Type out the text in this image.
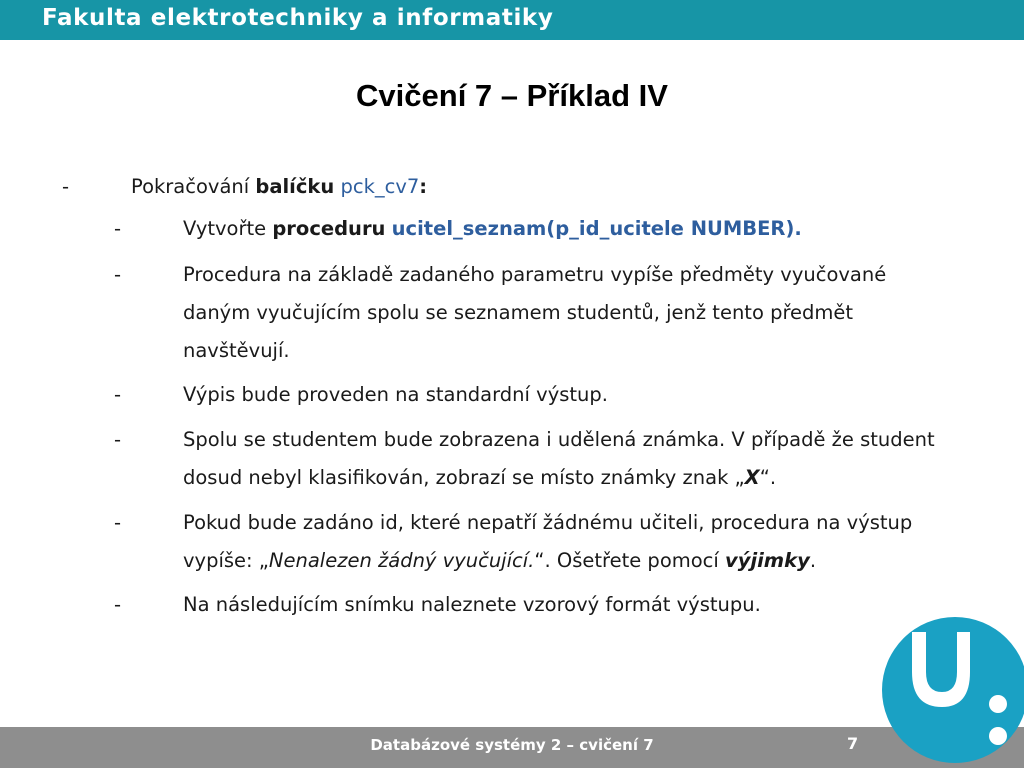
Fakulta elektrotechniky a informatiky
Cvičení 7 – Příklad IV
-	Pokračování balíčku pck_cv7:
-	Vytvořte proceduru ucitel_seznam(p_id_ucitele NUMBER).
-	Procedura na základě zadaného parametru vypíše předměty vyučované
daným vyučujícím spolu se seznamem studentů, jenž tento předmět
navštěvují.
-	Výpis bude proveden na standardní výstup.
-	Spolu se studentem bude zobrazena i udělená známka. V případě že student
dosud nebyl klasifikován, zobrazí se místo známky znak „X“.
-	Pokud bude zadáno id, které nepatří žádnému učiteli, procedura na výstup
vypíše: „Nenalezen žádný vyučující.“. Ošetřete pomocí výjimky.
-	Na následujícím snímku naleznete vzorový formát výstupu.
Databázové systémy 2 – cvičení 7	7
